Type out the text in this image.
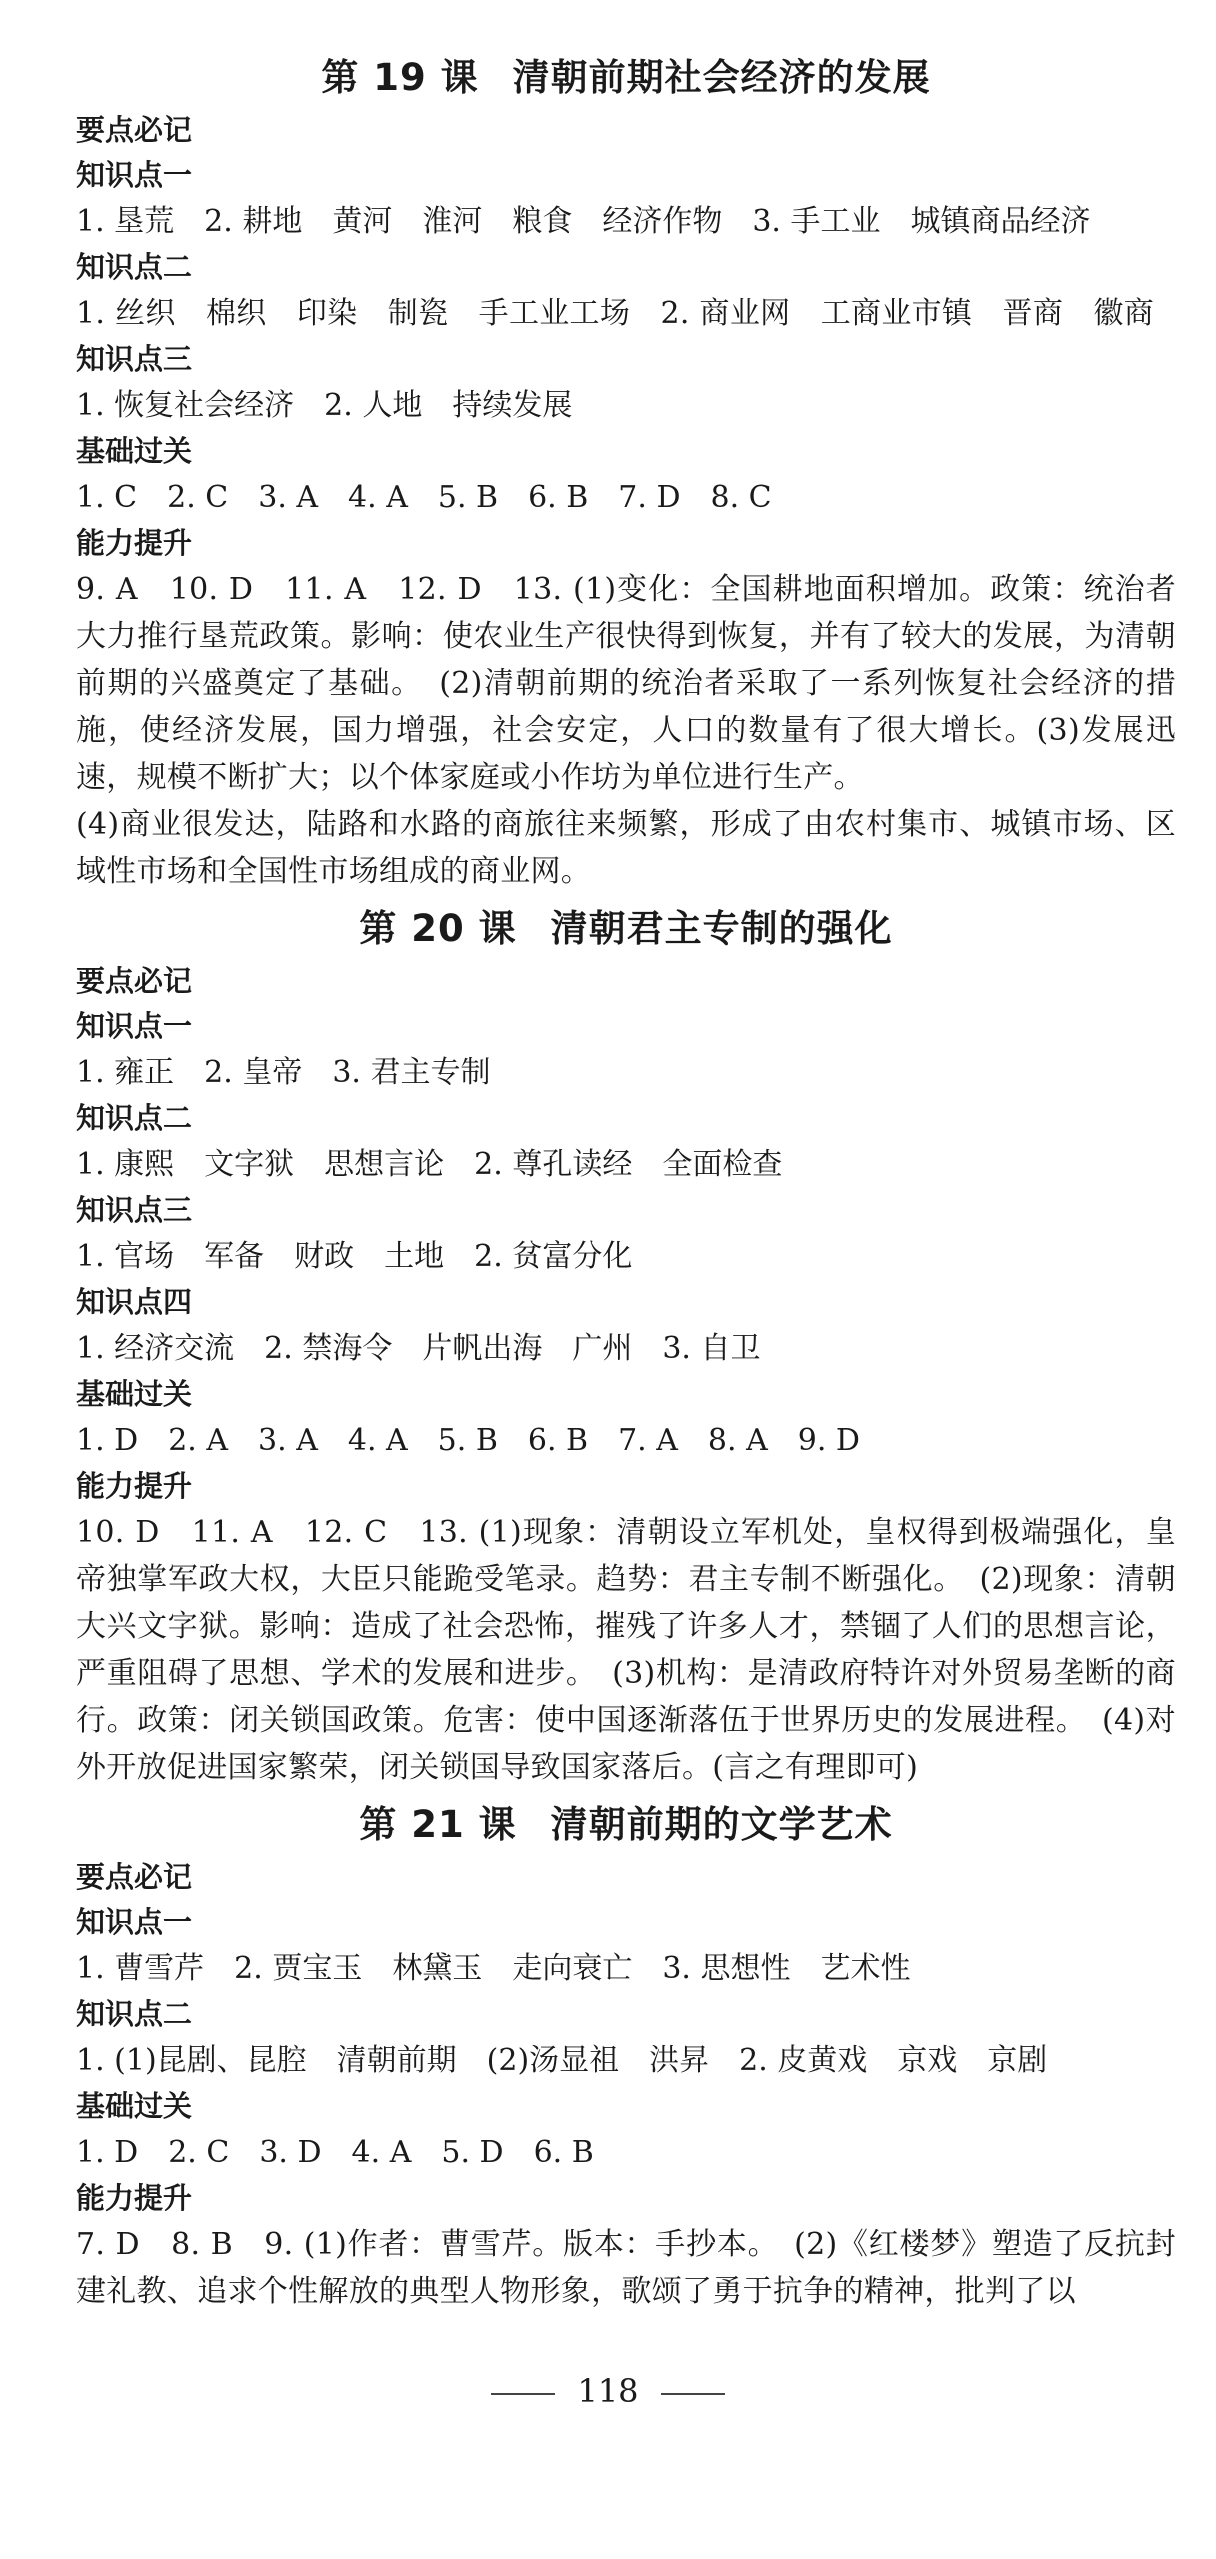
第 19 课 清朝前期社会经济的发展
要点必记
知识点一
1. 垦荒　2. 耕地　黄河　淮河　粮食　经济作物　3. 手工业　城镇商品经济
知识点二
1. 丝织　棉织　印染　制瓷　手工业工场　2. 商业网　工商业市镇　晋商　徽商
知识点三
1. 恢复社会经济　2. 人地　持续发展
基础过关
1. C　2. C　3. A　4. A　5. B　6. B　7. D　8. C
能力提升
9. A　10. D　11. A　12. D　13. (1)变化：全国耕地面积增加。政策：统治者大力推行垦荒政策。影响：使农业生产很快得到恢复，并有了较大的发展，为清朝前期的兴盛奠定了基础。　(2)清朝前期的统治者采取了一系列恢复社会经济的措施，使经济发展，国力增强，社会安定，人口的数量有了很大增长。(3)发展迅速，规模不断扩大；以个体家庭或小作坊为单位进行生产。
(4)商业很发达，陆路和水路的商旅往来频繁，形成了由农村集市、城镇市场、区域性市场和全国性市场组成的商业网。
第 20 课 清朝君主专制的强化
要点必记
知识点一
1. 雍正　2. 皇帝　3. 君主专制
知识点二
1. 康熙　文字狱　思想言论　2. 尊孔读经　全面检查
知识点三
1. 官场　军备　财政　土地　2. 贫富分化
知识点四
1. 经济交流　2. 禁海令　片帆出海　广州　3. 自卫
基础过关
1. D　2. A　3. A　4. A　5. B　6. B　7. A　8. A　9. D
能力提升
10. D　11. A　12. C　13. (1)现象：清朝设立军机处，皇权得到极端强化，皇帝独掌军政大权，大臣只能跪受笔录。趋势：君主专制不断强化。　(2)现象：清朝大兴文字狱。影响：造成了社会恐怖，摧残了许多人才，禁锢了人们的思想言论，严重阻碍了思想、学术的发展和进步。　(3)机构：是清政府特许对外贸易垄断的商行。政策：闭关锁国政策。危害：使中国逐渐落伍于世界历史的发展进程。　(4)对外开放促进国家繁荣，闭关锁国导致国家落后。(言之有理即可)
第 21 课 清朝前期的文学艺术
要点必记
知识点一
1. 曹雪芹　2. 贾宝玉　林黛玉　走向衰亡　3. 思想性　艺术性
知识点二
1. (1)昆剧、昆腔　清朝前期　(2)汤显祖　洪昇　2. 皮黄戏　京戏　京剧
基础过关
1. D　2. C　3. D　4. A　5. D　6. B
能力提升
7. D　8. B　9. (1)作者：曹雪芹。版本：手抄本。　(2)《红楼梦》塑造了反抗封建礼教、追求个性解放的典型人物形象，歌颂了勇于抗争的精神，批判了以
118
